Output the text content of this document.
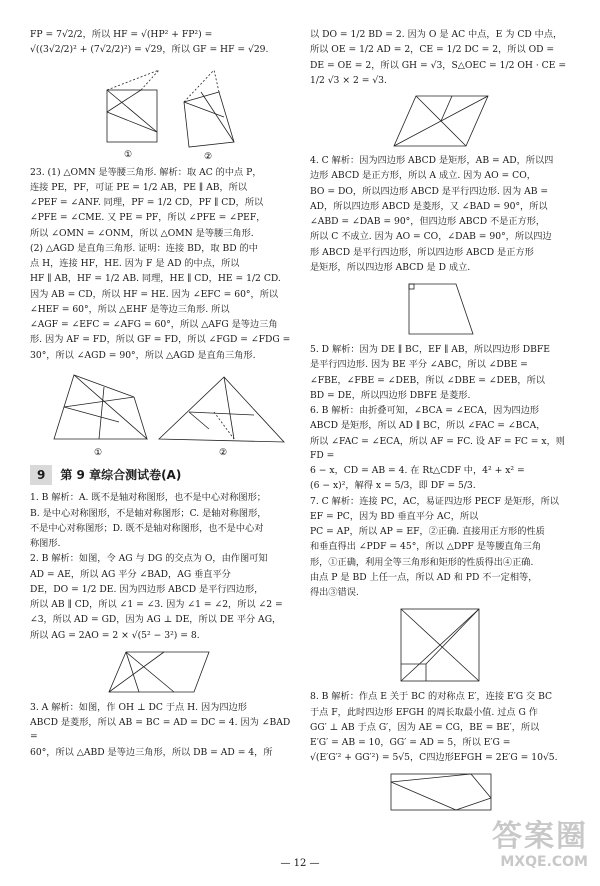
FP = 7√2/2，所以 HF = √(HP² + FP²) =

√((3√2/2)² + (7√2/2)²) = √29，所以 GF = HF = √29.

①	②

23. (1) △OMN 是等腰三角形. 解析：取 AC 的中点 P，

连接 PE，PF，可证 PE = 1/2 AB，PE ∥ AB，所以

∠PEF = ∠ANF. 同理，PF = 1/2 CD，PF ∥ CD，所以

∠PFE = ∠CME. 又 PE = PF，所以 ∠PFE = ∠PEF，

所以 ∠OMN = ∠ONM，所以 △OMN 是等腰三角形.

(2) △AGD 是直角三角形. 证明：连接 BD，取 BD 的中

点 H，连接 HF，HE. 因为 F 是 AD 的中点，所以

HF ∥ AB，HF = 1/2 AB. 同理，HE ∥ CD，HE = 1/2 CD.

因为 AB = CD，所以 HF = HE. 因为 ∠EFC = 60°，所以

∠HEF = 60°，所以 △EHF 是等边三角形. 所以

∠AGF = ∠EFC = ∠AFG = 60°，所以 △AFG 是等边三角

形. 因为 AF = FD，所以 GF = FD，所以 ∠FGD = ∠FDG =

30°，所以 ∠AGD = 90°，所以 △AGD 是直角三角形.

①	②
9	第 9 章综合测试卷(A)

1. B 解析：A. 既不是轴对称图形，也不是中心对称图形；

B. 是中心对称图形，不是轴对称图形；C. 是轴对称图形，

不是中心对称图形；D. 既不是轴对称图形，也不是中心对

称图形.

2. B 解析：如图，令 AG 与 DG 的交点为 O，由作图可知

AD = AE，所以 AG 平分 ∠BAD，AG 垂直平分

DE，DO = 1/2 DE. 因为四边形 ABCD 是平行四边形，

所以 AB ∥ CD，所以 ∠1 = ∠3. 因为 ∠1 = ∠2，所以 ∠2 =

∠3，所以 AD = GD，因为 AG ⊥ DE，所以 DE 平分 AG，

所以 AG = 2AO = 2 × √(5² − 3²) = 8.

3. A 解析：如图，作 OH ⊥ DC 于点 H. 因为四边形

ABCD 是菱形，所以 AB = BC = AD = DC = 4. 因为 ∠BAD =

60°，所以 △ABD 是等边三角形，所以 DB = AD = 4，所

以 DO = 1/2 BD = 2. 因为 O 是 AC 中点，E 为 CD 中点，

所以 OE = 1/2 AD = 2，CE = 1/2 DC = 2，所以 OD =

DE = OE = 2，所以 GH = √3，S△OEC = 1/2 OH · CE =

1/2 √3 × 2 = √3.

4. C 解析：因为四边形 ABCD 是矩形，AB = AD，所以四

边形 ABCD 是正方形，所以 A 成立. 因为 AO = CO，

BO = DO，所以四边形 ABCD 是平行四边形. 因为 AB =

AD，所以四边形 ABCD 是菱形，又 ∠BAD = 90°，所以

∠ABD = ∠DAB = 90°，但四边形 ABCD 不是正方形，

所以 C 不成立. 因为 AO = CO，∠DAB = 90°，所以四边

形 ABCD 是平行四边形，所以四边形 ABCD 是正方形

是矩形，所以四边形 ABCD 是 D 成立.

5. D 解析：因为 DE ∥ BC，EF ∥ AB，所以四边形 DBFE

是平行四边形. 因为 BE 平分 ∠ABC，所以 ∠DBE =

∠FBE，∠FBE = ∠DEB，所以 ∠DBE = ∠DEB，所以

BD = DE，所以四边形 DBFE 是菱形.

6. B 解析：由折叠可知，∠BCA = ∠ECA，因为四边形

ABCD 是矩形，所以 AD ∥ BC，所以 ∠FAC = ∠BCA，

所以 ∠FAC = ∠ECA，所以 AF = FC. 设 AF = FC = x，则 FD =

6 − x，CD = AB = 4. 在 Rt△CDF 中，4² + x² =

(6 − x)²，解得 x = 5/3，即 DF = 5/3.

7. C 解析：连接 PC，AC，易证四边形 PECF 是矩形，所以

EF = PC，因为 BD 垂直平分 AC，所以

PC = AP，所以 AP = EF，②正确. 直接用正方形的性质

和垂直得出 ∠PDF = 45°，所以 △DPF 是等腰直角三角

形，①正确，利用全等三角形和矩形的性质得出④正确.

由点 P 是 BD 上任一点，所以 AD 和 PD 不一定相等，

得出③错误.

8. B 解析：作点 E 关于 BC 的对称点 E′，连接 E′G 交 BC

于点 F，此时四边形 EFGH 的周长取最小值. 过点 G 作

GG′ ⊥ AB 于点 G′，因为 AE = CG，BE = BE′，所以

E′G′ = AB = 10，GG′ = AD = 5，所以 E′G =

√(E′G′² + GG′²) = 5√5，C四边形EFGH = 2E′G = 10√5.

— 12 —
答案圈
MXQE.COM
